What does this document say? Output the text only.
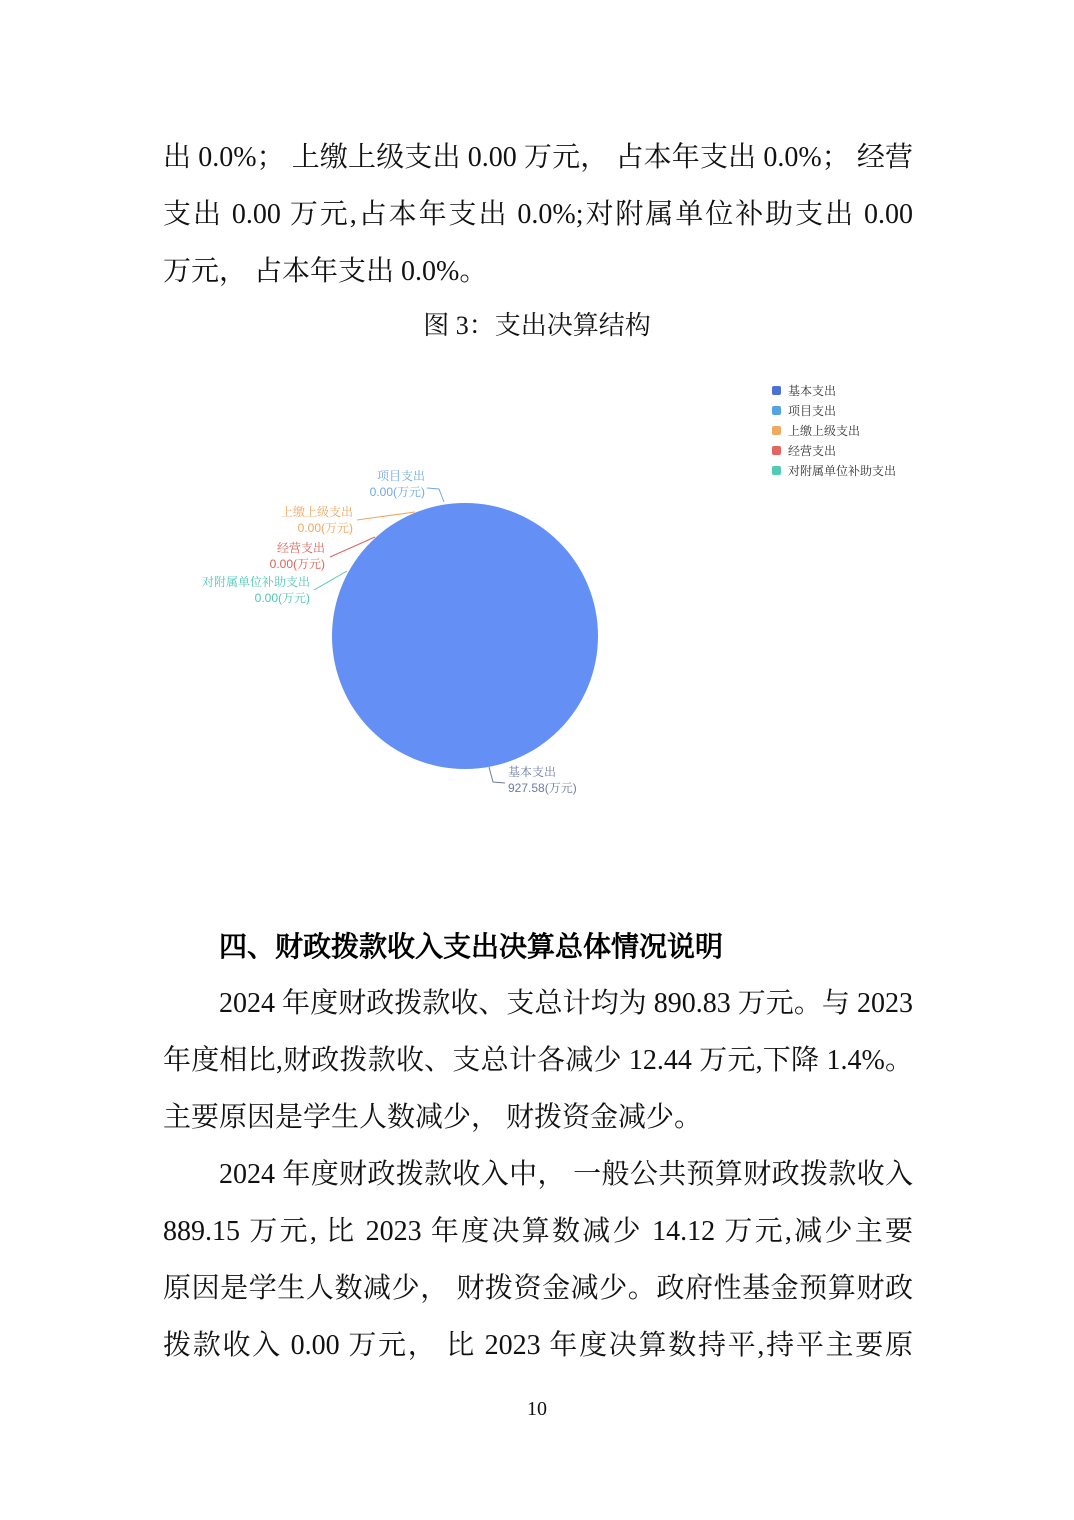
出 0.0%； 上缴上级支出 0.00 万元， 占本年支出 0.0%； 经营
支出 0.00 万元,占本年支出 0.0%;对附属单位补助支出 0.00
万元， 占本年支出 0.0%。
图 3：支出决算结构
项目支出
0.00(万元)
上缴上级支出
0.00(万元)
经营支出
0.00(万元)
对附属单位补助支出
0.00(万元)
基本支出
927.58(万元)
基本支出
项目支出
上缴上级支出
经营支出
对附属单位补助支出
四、财政拨款收入支出决算总体情况说明
2024 年度财政拨款收、支总计均为 890.83 万元。与 2023
年度相比,财政拨款收、支总计各减少 12.44 万元,下降 1.4%。
主要原因是学生人数减少， 财拨资金减少。
2024 年度财政拨款收入中， 一般公共预算财政拨款收入
889.15 万元, 比 2023 年度决算数减少 14.12 万元,减少主要
原因是学生人数减少， 财拨资金减少。政府性基金预算财政
拨款收入 0.00 万元， 比 2023 年度决算数持平,持平主要原
10
